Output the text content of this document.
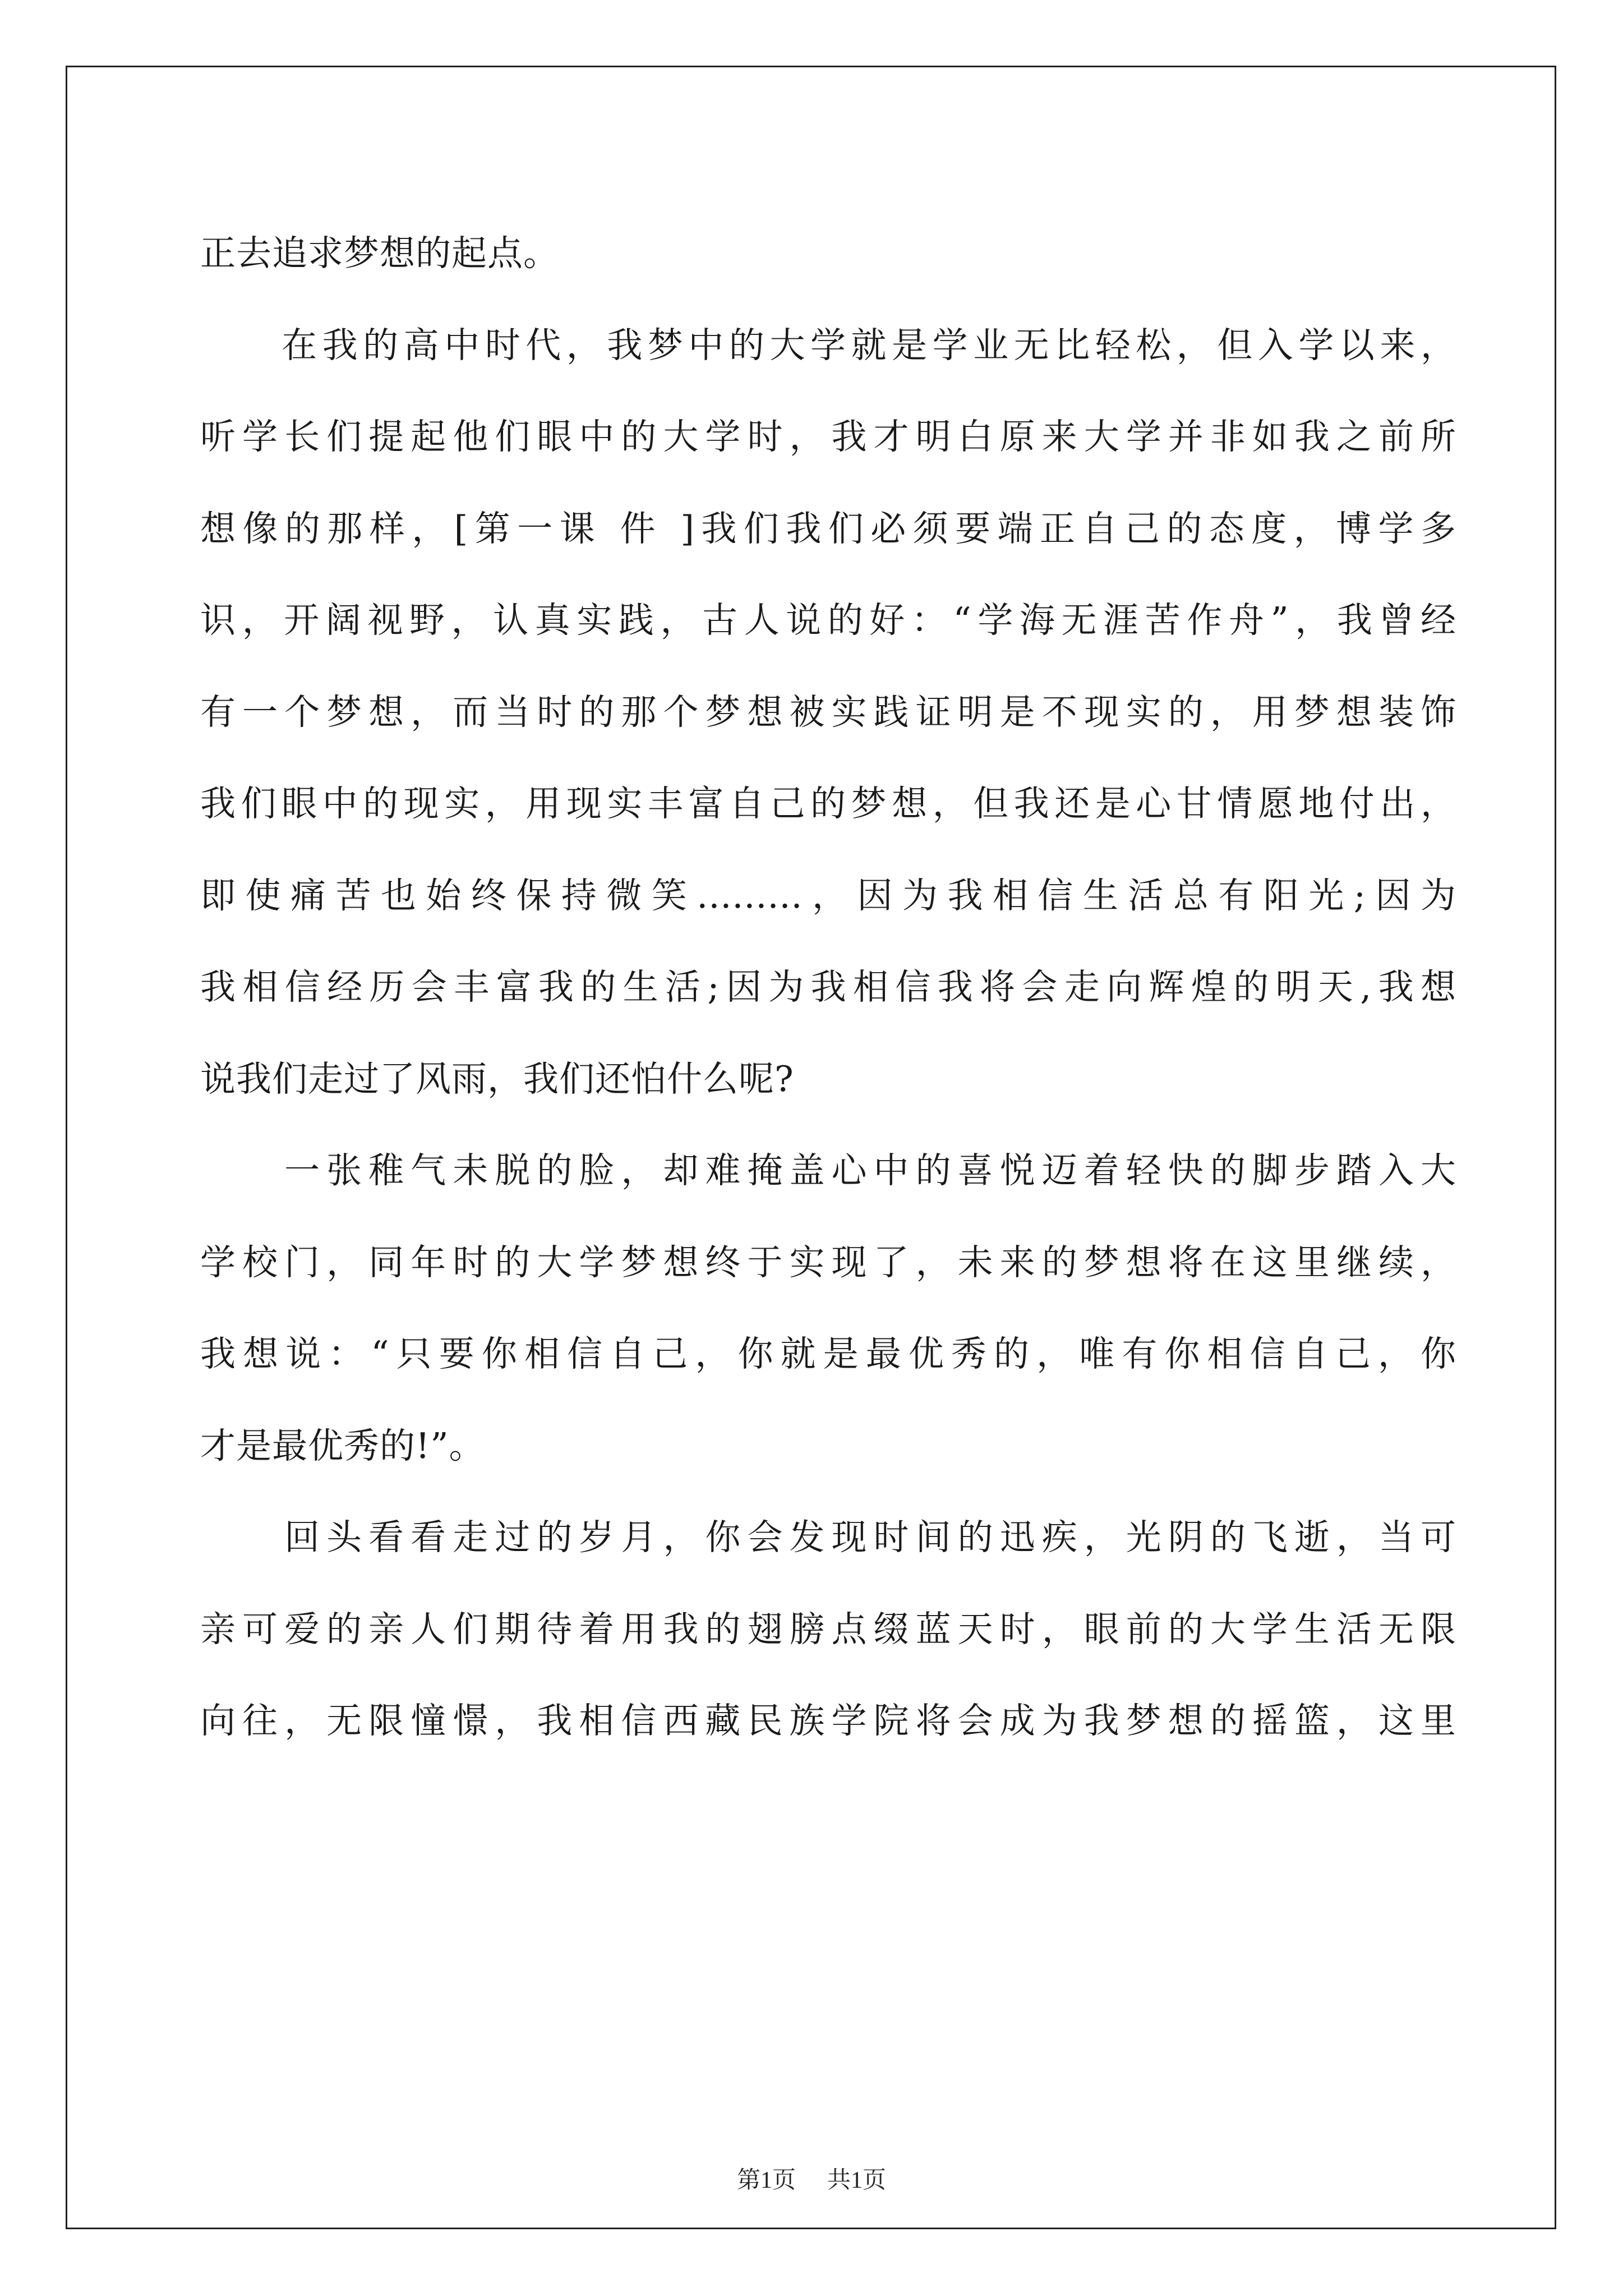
正去追求梦想的起点。
　　在我的高中时代，我梦中的大学就是学业无比轻松，但入学以来，
听学长们提起他们眼中的大学时，我才明白原来大学并非如我之前所
想像的那样，[第一课 件 ]我们我们必须要端正自己的态度，博学多
识，开阔视野，认真实践，古人说的好：“学海无涯苦作舟”，我曾经
有一个梦想，而当时的那个梦想被实践证明是不现实的，用梦想装饰
我们眼中的现实，用现实丰富自己的梦想，但我还是心甘情愿地付出，
即使痛苦也始终保持微笑.........，因为我相信生活总有阳光;因为
我相信经历会丰富我的生活;因为我相信我将会走向辉煌的明天,我想
说我们走过了风雨，我们还怕什么呢?
　　一张稚气未脱的脸，却难掩盖心中的喜悦迈着轻快的脚步踏入大
学校门，同年时的大学梦想终于实现了，未来的梦想将在这里继续，
我想说：“只要你相信自己，你就是最优秀的，唯有你相信自己，你
才是最优秀的!”。
　　回头看看走过的岁月，你会发现时间的迅疾，光阴的飞逝，当可
亲可爱的亲人们期待着用我的翅膀点缀蓝天时，眼前的大学生活无限
向往，无限憧憬，我相信西藏民族学院将会成为我梦想的摇篮，这里
第1页 共1页
